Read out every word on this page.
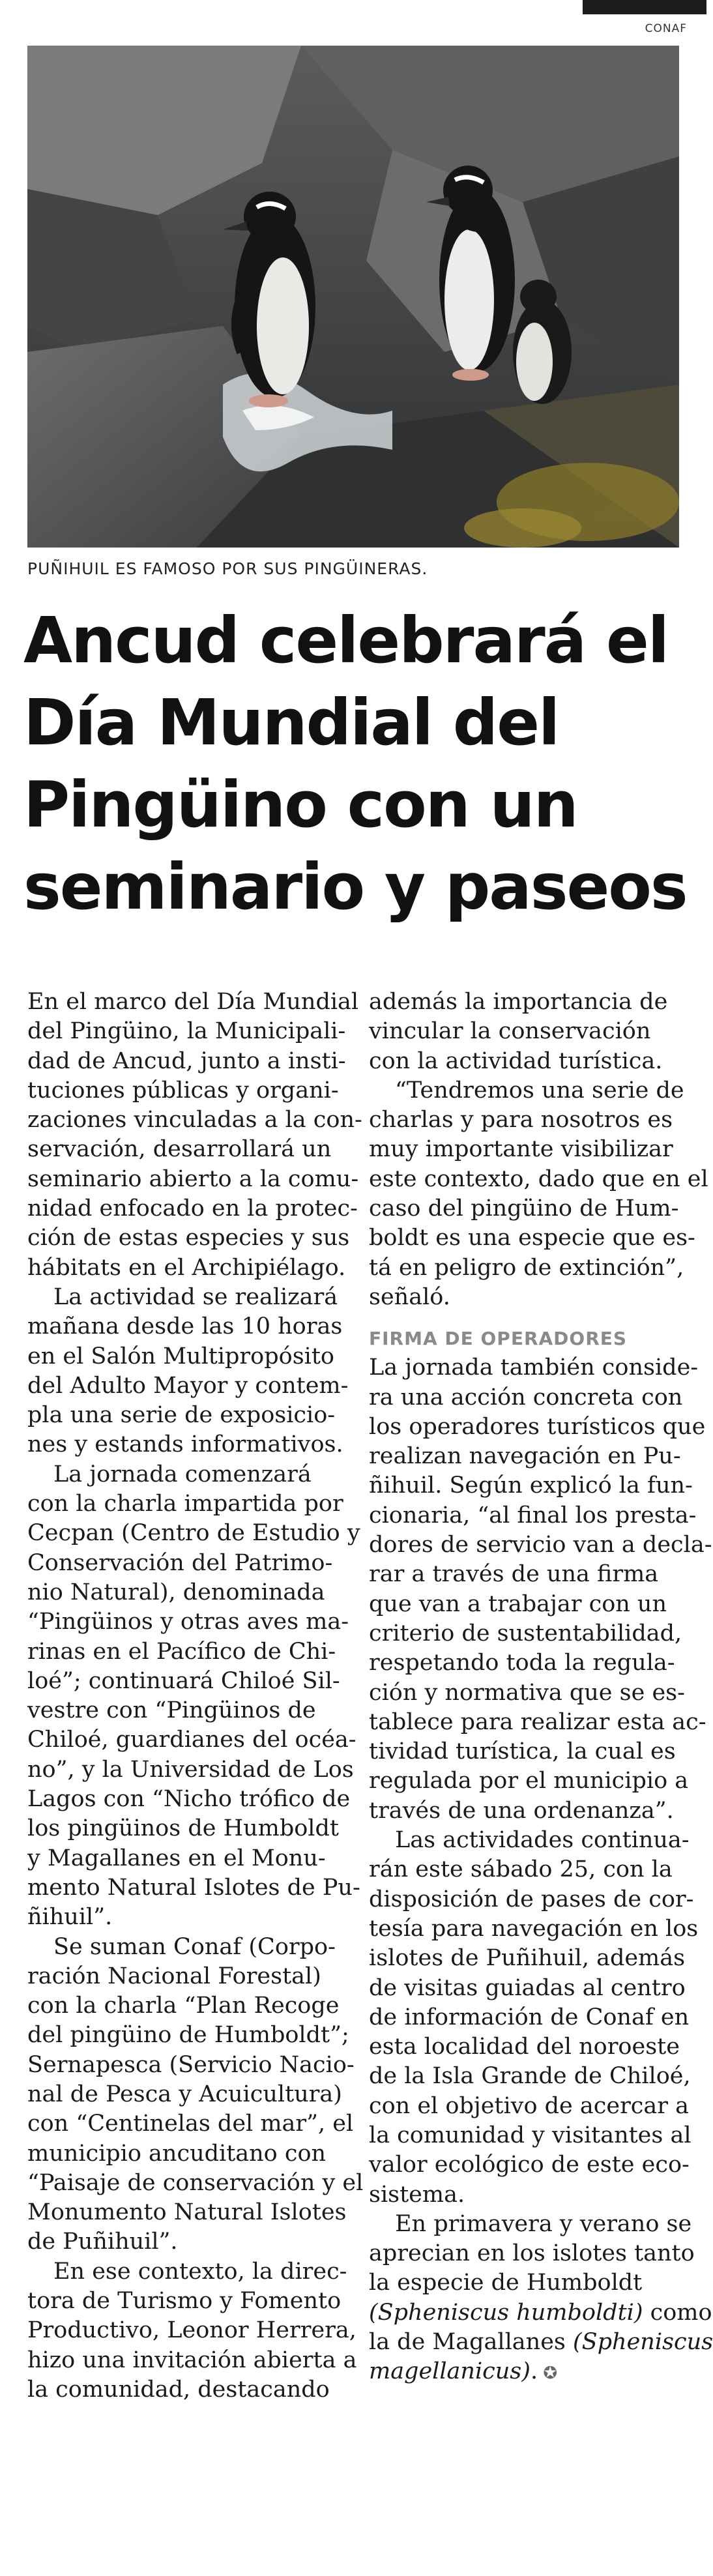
CONAF
PUÑIHUIL ES FAMOSO POR SUS PINGÜINERAS.
Ancud celebrará el
Día Mundial del
Pingüino con un
seminario y paseos
En el marco del Día Mundial
del Pingüino, la Municipali-
dad de Ancud, junto a insti-
tuciones públicas y organi-
zaciones vinculadas a la con-
servación, desarrollará un
seminario abierto a la comu-
nidad enfocado en la protec-
ción de estas especies y sus
hábitats en el Archipiélago.
La actividad se realizará
mañana desde las 10 horas
en el Salón Multipropósito
del Adulto Mayor y contem-
pla una serie de exposicio-
nes y estands informativos.
La jornada comenzará
con la charla impartida por
Cecpan (Centro de Estudio y
Conservación del Patrimo-
nio Natural), denominada
“Pingüinos y otras aves ma-
rinas en el Pacífico de Chi-
loé”; continuará Chiloé Sil-
vestre con “Pingüinos de
Chiloé, guardianes del océa-
no”, y la Universidad de Los
Lagos con “Nicho trófico de
los pingüinos de Humboldt
y Magallanes en el Monu-
mento Natural Islotes de Pu-
ñihuil”.
Se suman Conaf (Corpo-
ración Nacional Forestal)
con la charla “Plan Recoge
del pingüino de Humboldt”;
Sernapesca (Servicio Nacio-
nal de Pesca y Acuicultura)
con “Centinelas del mar”, el
municipio ancuditano con
“Paisaje de conservación y el
Monumento Natural Islotes
de Puñihuil”.
En ese contexto, la direc-
tora de Turismo y Fomento
Productivo, Leonor Herrera,
hizo una invitación abierta a
la comunidad, destacando
además la importancia de
vincular la conservación
con la actividad turística.
“Tendremos una serie de
charlas y para nosotros es
muy importante visibilizar
este contexto, dado que en el
caso del pingüino de Hum-
boldt es una especie que es-
tá en peligro de extinción”,
señaló.
FIRMA DE OPERADORES
La jornada también conside-
ra una acción concreta con
los operadores turísticos que
realizan navegación en Pu-
ñihuil. Según explicó la fun-
cionaria, “al final los presta-
dores de servicio van a decla-
rar a través de una firma
que van a trabajar con un
criterio de sustentabilidad,
respetando toda la regula-
ción y normativa que se es-
tablece para realizar esta ac-
tividad turística, la cual es
regulada por el municipio a
través de una ordenanza”.
Las actividades continua-
rán este sábado 25, con la
disposición de pases de cor-
tesía para navegación en los
islotes de Puñihuil, además
de visitas guiadas al centro
de información de Conaf en
esta localidad del noroeste
de la Isla Grande de Chiloé,
con el objetivo de acercar a
la comunidad y visitantes al
valor ecológico de este eco-
sistema.
En primavera y verano se
aprecian en los islotes tanto
la especie de Humboldt
(Spheniscus humboldti) como
la de Magallanes (Spheniscus
magellanicus). ✪
